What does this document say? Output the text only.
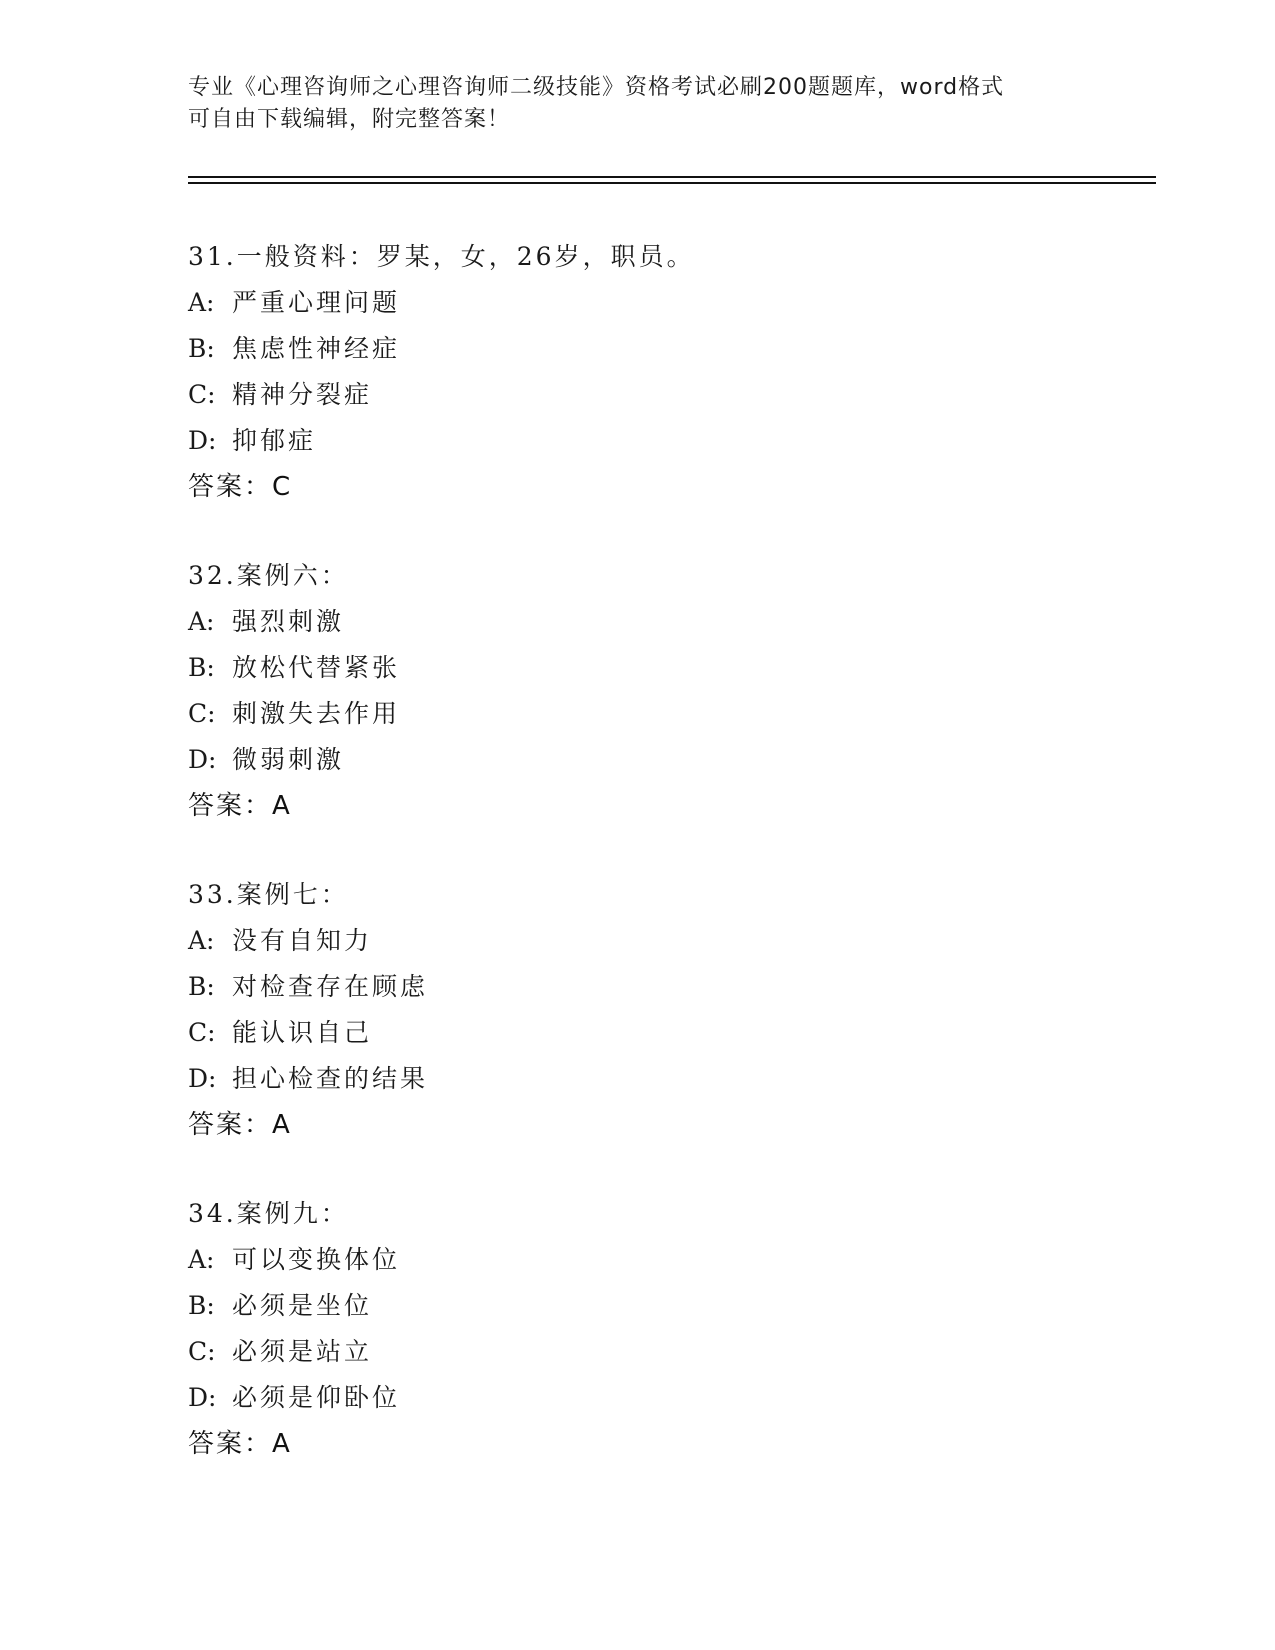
专业《心理咨询师之心理咨询师二级技能》资格考试必刷200题题库，word格式
可自由下载编辑，附完整答案！
31.一般资料：罗某，女，26岁，职员。
A: 严重心理问题
B: 焦虑性神经症
C: 精神分裂症
D: 抑郁症
答案：C
32.案例六：
A: 强烈刺激
B: 放松代替紧张
C: 刺激失去作用
D: 微弱刺激
答案：A
33.案例七：
A: 没有自知力
B: 对检查存在顾虑
C: 能认识自己
D: 担心检查的结果
答案：A
34.案例九：
A: 可以变换体位
B: 必须是坐位
C: 必须是站立
D: 必须是仰卧位
答案：A
